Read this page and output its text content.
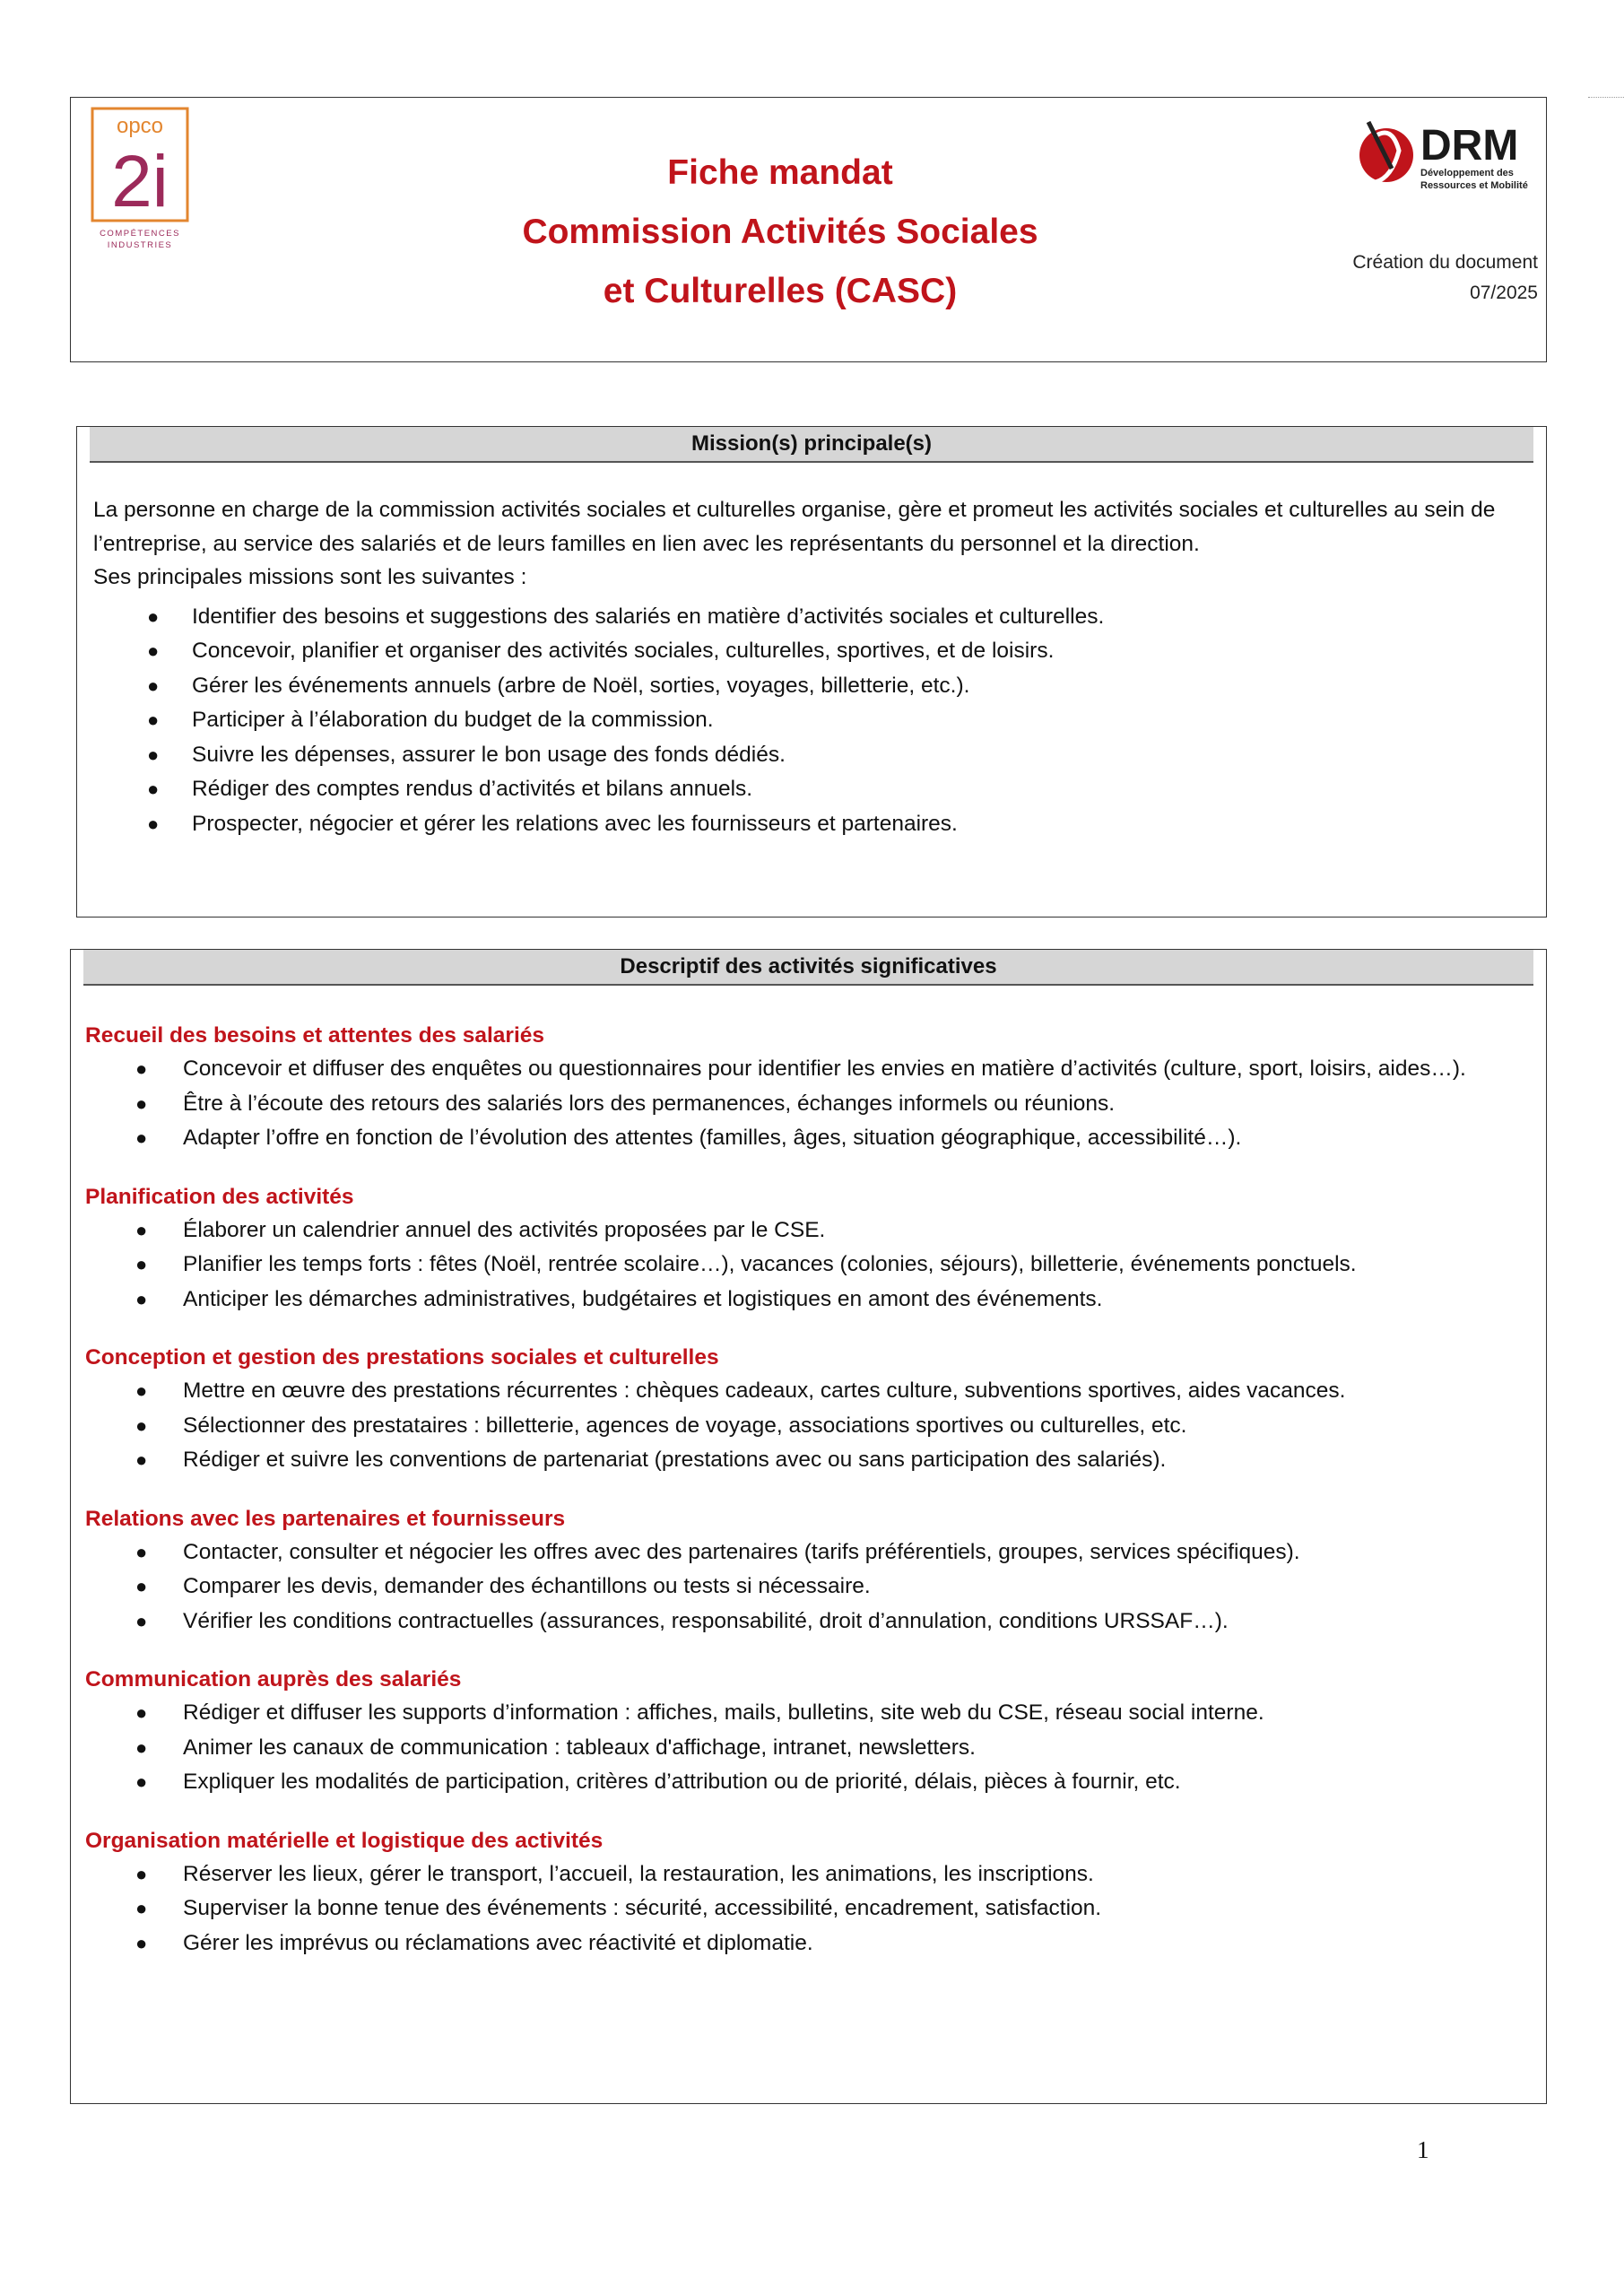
opco
2i
COMPÉTENCES
INDUSTRIES
DRM
Développement des
Ressources et Mobilité
Fiche mandat
Commission Activités Sociales
et Culturelles (CASC)
Création du document
07/2025
Mission(s) principale(s)
La personne en charge de la commission activités sociales et culturelles organise, gère et promeut les activités sociales et culturelles au sein de l’entreprise, au service des salariés et de leurs familles en lien avec les représentants du personnel et la direction.
Ses principales missions sont les suivantes :
● Identifier des besoins et suggestions des salariés en matière d’activités sociales et culturelles.
● Concevoir, planifier et organiser des activités sociales, culturelles, sportives, et de loisirs.
● Gérer les événements annuels (arbre de Noël, sorties, voyages, billetterie, etc.).
● Participer à l’élaboration du budget de la commission.
● Suivre les dépenses, assurer le bon usage des fonds dédiés.
● Rédiger des comptes rendus d’activités et bilans annuels.
● Prospecter, négocier et gérer les relations avec les fournisseurs et partenaires.
Descriptif des activités significatives
Recueil des besoins et attentes des salariés
● Concevoir et diffuser des enquêtes ou questionnaires pour identifier les envies en matière d’activités (culture, sport, loisirs, aides…).
● Être à l’écoute des retours des salariés lors des permanences, échanges informels ou réunions.
● Adapter l’offre en fonction de l’évolution des attentes (familles, âges, situation géographique, accessibilité…).
Planification des activités
● Élaborer un calendrier annuel des activités proposées par le CSE.
● Planifier les temps forts : fêtes (Noël, rentrée scolaire…), vacances (colonies, séjours), billetterie, événements ponctuels.
● Anticiper les démarches administratives, budgétaires et logistiques en amont des événements.
Conception et gestion des prestations sociales et culturelles
● Mettre en œuvre des prestations récurrentes : chèques cadeaux, cartes culture, subventions sportives, aides vacances.
● Sélectionner des prestataires : billetterie, agences de voyage, associations sportives ou culturelles, etc.
● Rédiger et suivre les conventions de partenariat (prestations avec ou sans participation des salariés).
Relations avec les partenaires et fournisseurs
● Contacter, consulter et négocier les offres avec des partenaires (tarifs préférentiels, groupes, services spécifiques).
● Comparer les devis, demander des échantillons ou tests si nécessaire.
● Vérifier les conditions contractuelles (assurances, responsabilité, droit d’annulation, conditions URSSAF…).
Communication auprès des salariés
● Rédiger et diffuser les supports d’information : affiches, mails, bulletins, site web du CSE, réseau social interne.
● Animer les canaux de communication : tableaux d'affichage, intranet, newsletters.
● Expliquer les modalités de participation, critères d’attribution ou de priorité, délais, pièces à fournir, etc.
Organisation matérielle et logistique des activités
● Réserver les lieux, gérer le transport, l’accueil, la restauration, les animations, les inscriptions.
● Superviser la bonne tenue des événements : sécurité, accessibilité, encadrement, satisfaction.
● Gérer les imprévus ou réclamations avec réactivité et diplomatie.
1
